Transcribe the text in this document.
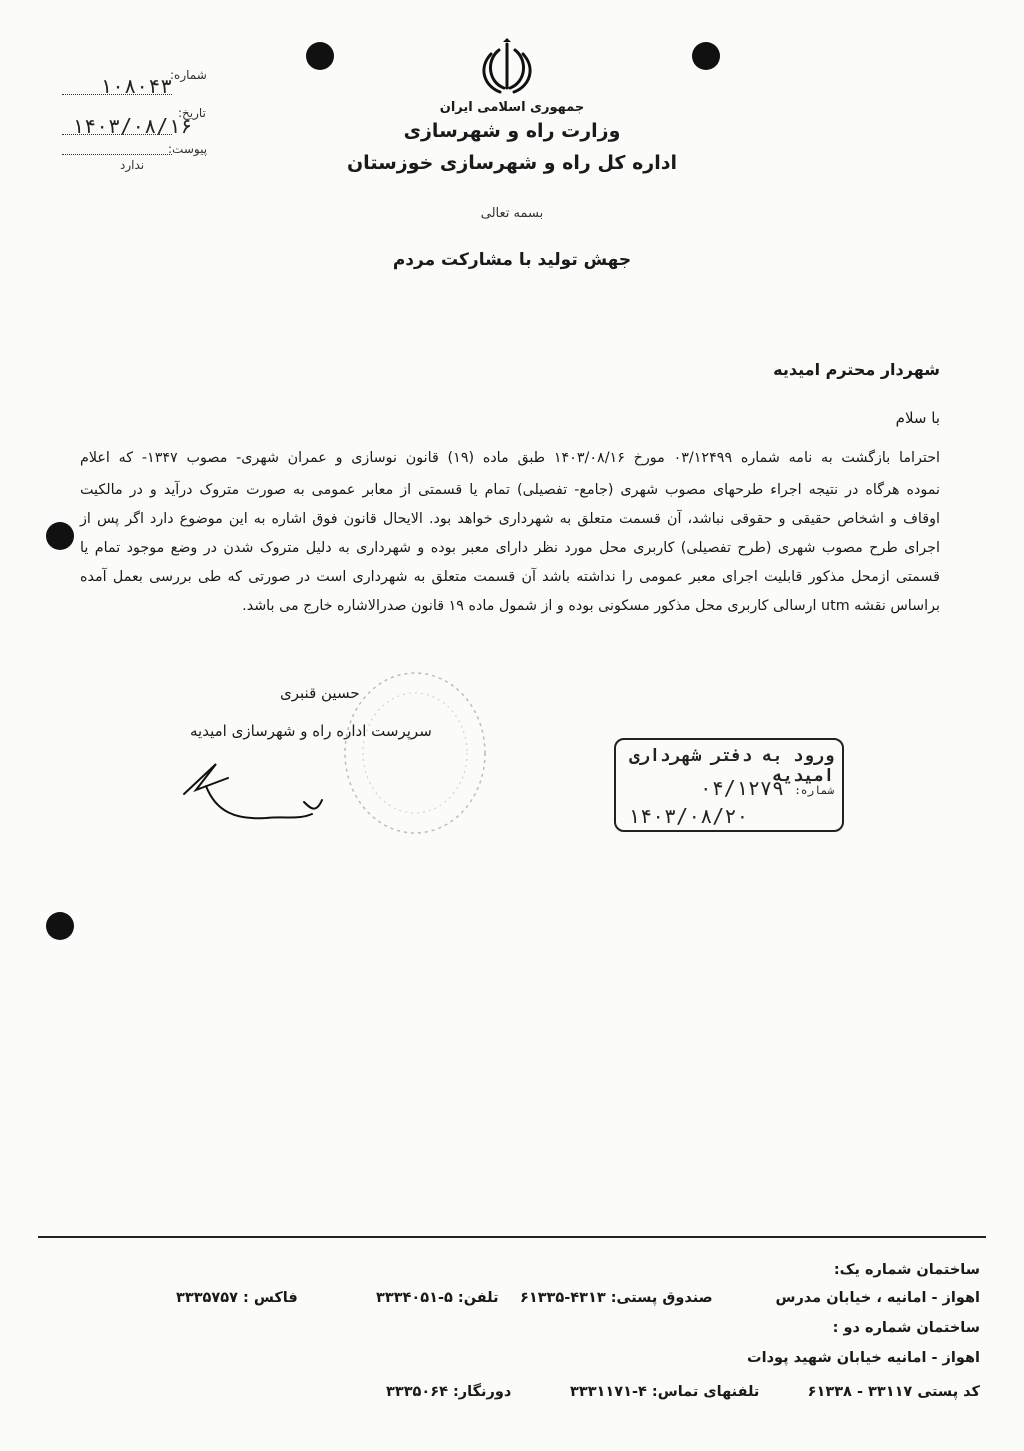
شماره:
۱۰۸۰۴۳
تاریخ:
۱۴۰۳/۰۸/۱۶
پیوست:
ندارد
جمهوری اسلامی ایران
وزارت راه و شهرسازی
اداره کل راه و شهرسازی خوزستان
بسمه تعالی
جهش تولید با مشارکت مردم
شهردار محترم امیدیه
با سلام
احتراما بازگشت به نامه شماره ۰۳/۱۲۴۹۹ مورخ ۱۴۰۳/۰۸/۱۶ طبق ماده (۱۹) قانون نوسازی و عمران شهری- مصوب ۱۳۴۷- که اعلام
نموده هرگاه در نتیجه اجراء طرحهای مصوب شهری (جامع- تفصیلی) تمام یا قسمتی از معابر عمومی به صورت متروک درآید و در مالکیت
اوقاف و اشخاص حقیقی و حقوقی نباشد، آن قسمت متعلق به شهرداری خواهد بود. الایحال قانون فوق اشاره به این موضوع دارد اگر پس از
اجرای طرح مصوب شهری (طرح تفصیلی) کاربری محل مورد نظر دارای معبر بوده و شهرداری به دلیل متروک شدن در وضع موجود تمام یا
قسمتی ازمحل مذکور قابلیت اجرای معبر عمومی را نداشته باشد آن قسمت متعلق به شهرداری است در صورتی که طی بررسی بعمل آمده
براساس نقشه utm ارسالی کاربری محل مذکور مسکونی بوده و از شمول ماده ۱۹ قانون صدرالاشاره خارج می باشد.
حسین قنبری
سرپرست اداره راه و شهرسازی امیدیه
ورود به دفتر شهرداری امیدیه
شماره:
۰۴/۱۲۷۹
۱۴۰۳/۰۸/۲۰
ساختمان شماره یک:
اهواز - امانیه ، خیابان مدرس
صندوق پستی: ۴۳۱۳-۶۱۳۳۵
تلفن: ۵-۳۳۳۴۰۵۱
فاکس : ۳۳۳۵۷۵۷
ساختمان شماره دو :
اهواز - امانیه خیابان شهید پودات
کد پستی ۳۳۱۱۷ - ۶۱۳۳۸
تلفنهای تماس: ۴-۳۳۳۱۱۷۱
دورنگار: ۳۳۳۵۰۶۴
